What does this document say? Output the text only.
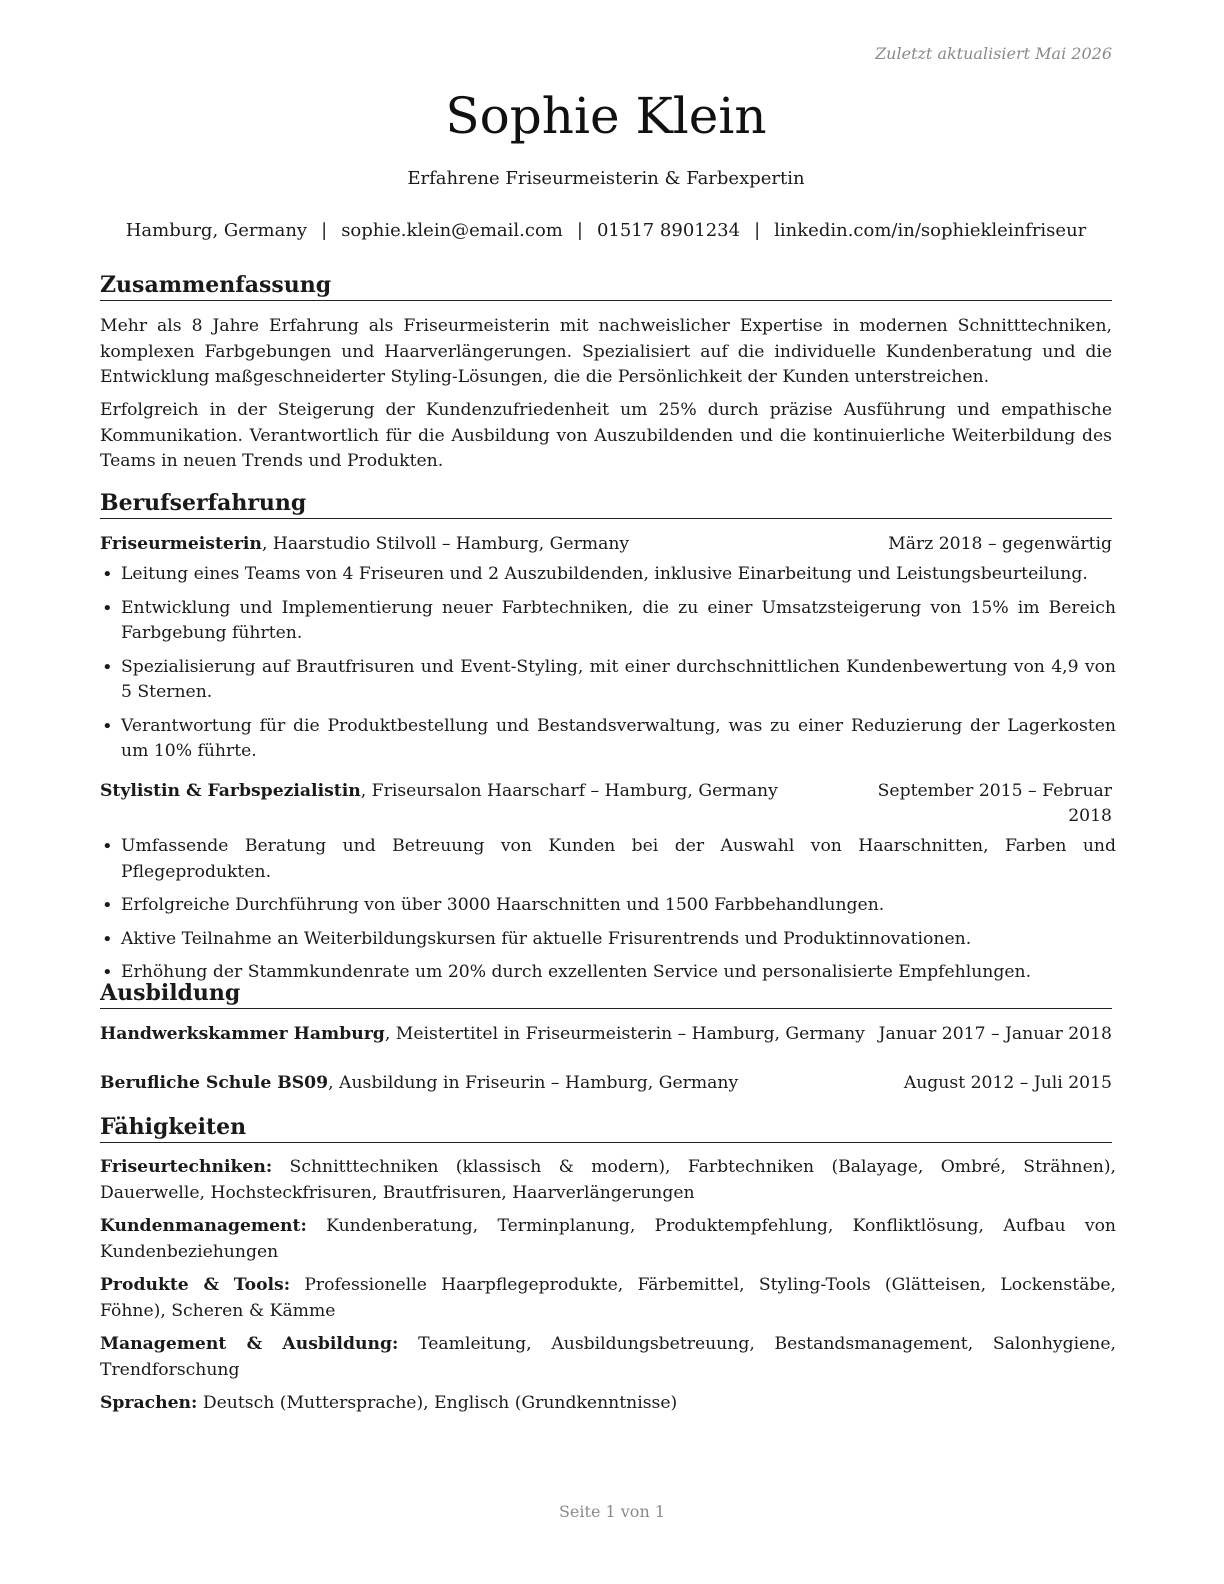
Zuletzt aktualisiert Mai 2026
Sophie Klein
Erfahrene Friseurmeisterin & Farbexpertin
Hamburg, Germany | sophie.klein@email.com | 01517 8901234 | linkedin.com/in/sophiekleinfriseur
Zusammenfassung
Mehr als 8 Jahre Erfahrung als Friseurmeisterin mit nachweislicher Expertise in modernen Schnitttechniken, komplexen Farbgebungen und Haarverlängerungen. Spezialisiert auf die individuelle Kundenberatung und die Entwicklung maßgeschneiderter Styling-Lösungen, die die Persönlichkeit der Kunden unterstreichen.
Erfolgreich in der Steigerung der Kundenzufriedenheit um 25% durch präzise Ausführung und empathische Kommunikation. Verantwortlich für die Ausbildung von Auszubildenden und die kontinuierliche Weiterbildung des Teams in neuen Trends und Produkten.
Berufserfahrung
Friseurmeisterin, Haarstudio Stilvoll – Hamburg, Germany	März 2018 – gegenwärtig
• Leitung eines Teams von 4 Friseuren und 2 Auszubildenden, inklusive Einarbeitung und Leistungsbeurteilung.
• Entwicklung und Implementierung neuer Farbtechniken, die zu einer Umsatzsteigerung von 15% im Bereich Farbgebung führten.
• Spezialisierung auf Brautfrisuren und Event-Styling, mit einer durchschnittlichen Kundenbewertung von 4,9 von 5 Sternen.
• Verantwortung für die Produktbestellung und Bestandsverwaltung, was zu einer Reduzierung der Lagerkosten um 10% führte.
Stylistin & Farbspezialistin, Friseursalon Haarscharf – Hamburg, Germany	September 2015 – Februar
2018
• Umfassende Beratung und Betreuung von Kunden bei der Auswahl von Haarschnitten, Farben und Pflegeprodukten.
• Erfolgreiche Durchführung von über 3000 Haarschnitten und 1500 Farbbehandlungen.
• Aktive Teilnahme an Weiterbildungskursen für aktuelle Frisurentrends und Produktinnovationen.
• Erhöhung der Stammkundenrate um 20% durch exzellenten Service und personalisierte Empfehlungen.
Ausbildung
Handwerkskammer Hamburg, Meistertitel in Friseurmeisterin – Hamburg, Germany Januar 2017 – Januar 2018
Berufliche Schule BS09, Ausbildung in Friseurin – Hamburg, Germany	August 2012 – Juli 2015
Fähigkeiten
Friseurtechniken: Schnitttechniken (klassisch & modern), Farbtechniken (Balayage, Ombré, Strähnen), Dauerwelle, Hochsteckfrisuren, Brautfrisuren, Haarverlängerungen
Kundenmanagement: Kundenberatung, Terminplanung, Produktempfehlung, Konfliktlösung, Aufbau von Kundenbeziehungen
Produkte & Tools: Professionelle Haarpflegeprodukte, Färbemittel, Styling-Tools (Glätteisen, Lockenstäbe, Föhne), Scheren & Kämme
Management & Ausbildung: Teamleitung, Ausbildungsbetreuung, Bestandsmanagement, Salonhygiene, Trendforschung
Sprachen: Deutsch (Muttersprache), Englisch (Grundkenntnisse)
Seite 1 von 1
